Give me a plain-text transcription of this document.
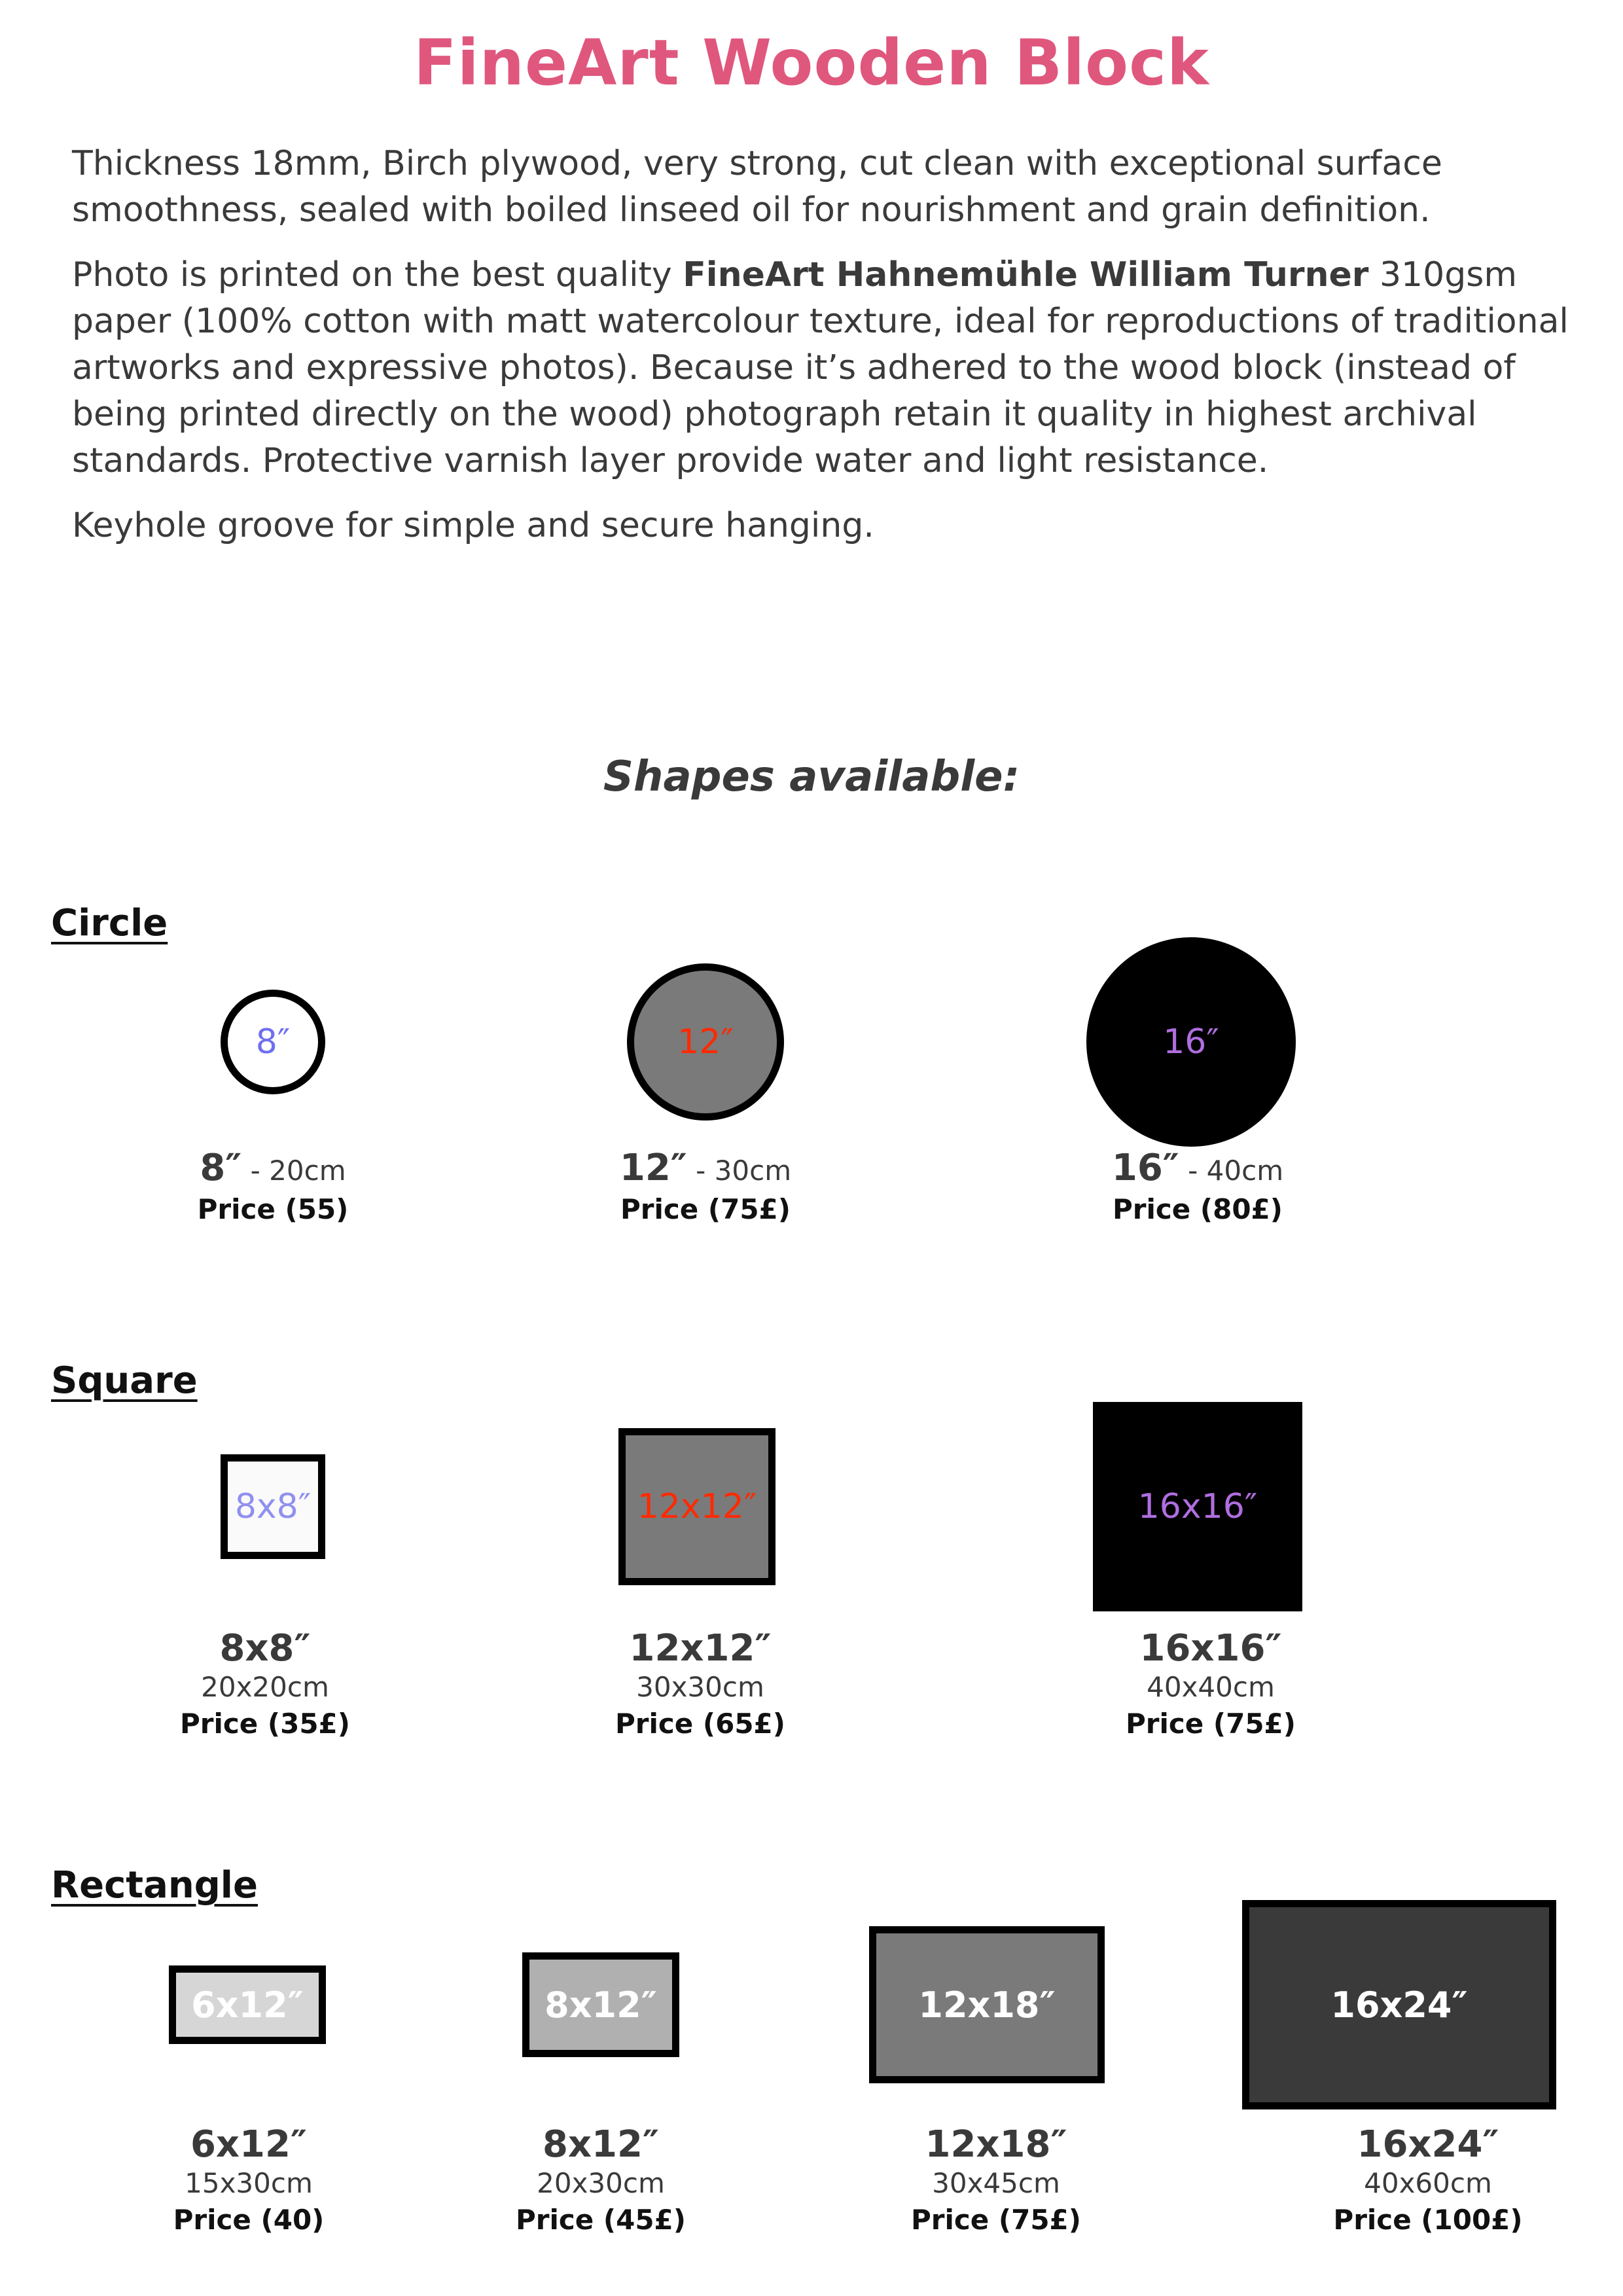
FineArt Wooden Block
Thickness 18mm, Birch plywood, very strong, cut clean with exceptional surface smoothness, sealed with boiled linseed oil for nourishment and grain definition.
Photo is printed on the best quality FineArt Hahnemühle William Turner 310gsm paper (100% cotton with matt watercolour texture, ideal for reproductions of traditional artworks and expressive photos). Because it’s adhered to the wood block (instead of being printed directly on the wood) photograph retain it quality in highest archival standards. Protective varnish layer provide water and light resistance.
Keyhole groove for simple and secure hanging.
Shapes available:
Circle
8″	12″	16″
8″ - 20cm
Price (55)
12″ - 30cm
Price (75£)
16″ - 40cm
Price (80£)
Square
8x8″	12x12″	16x16″
8x8″
20x20cm
Price (35£)
12x12″
30x30cm
Price (65£)
16x16″
40x40cm
Price (75£)
Rectangle
6x12″	8x12″	12x18″	16x24″
6x12″
15x30cm
Price (40)
8x12″
20x30cm
Price (45£)
12x18″
30x45cm
Price (75£)
16x24″
40x60cm
Price (100£)
